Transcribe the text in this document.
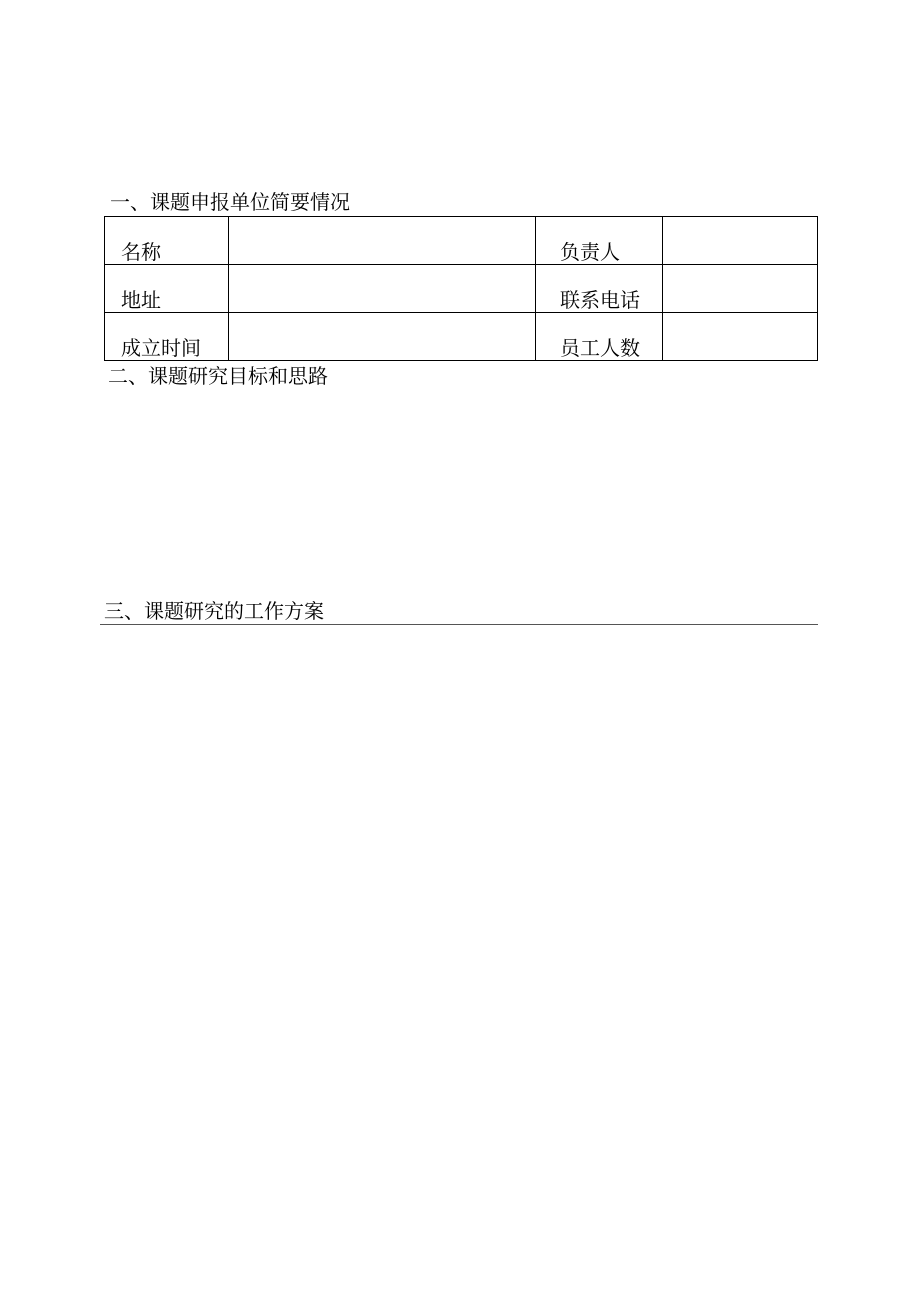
一、课题申报单位简要情况
名称		负责人	
地址		联系电话	
成立时间		员工人数	
二、课题研究目标和思路
三、课题研究的工作方案
